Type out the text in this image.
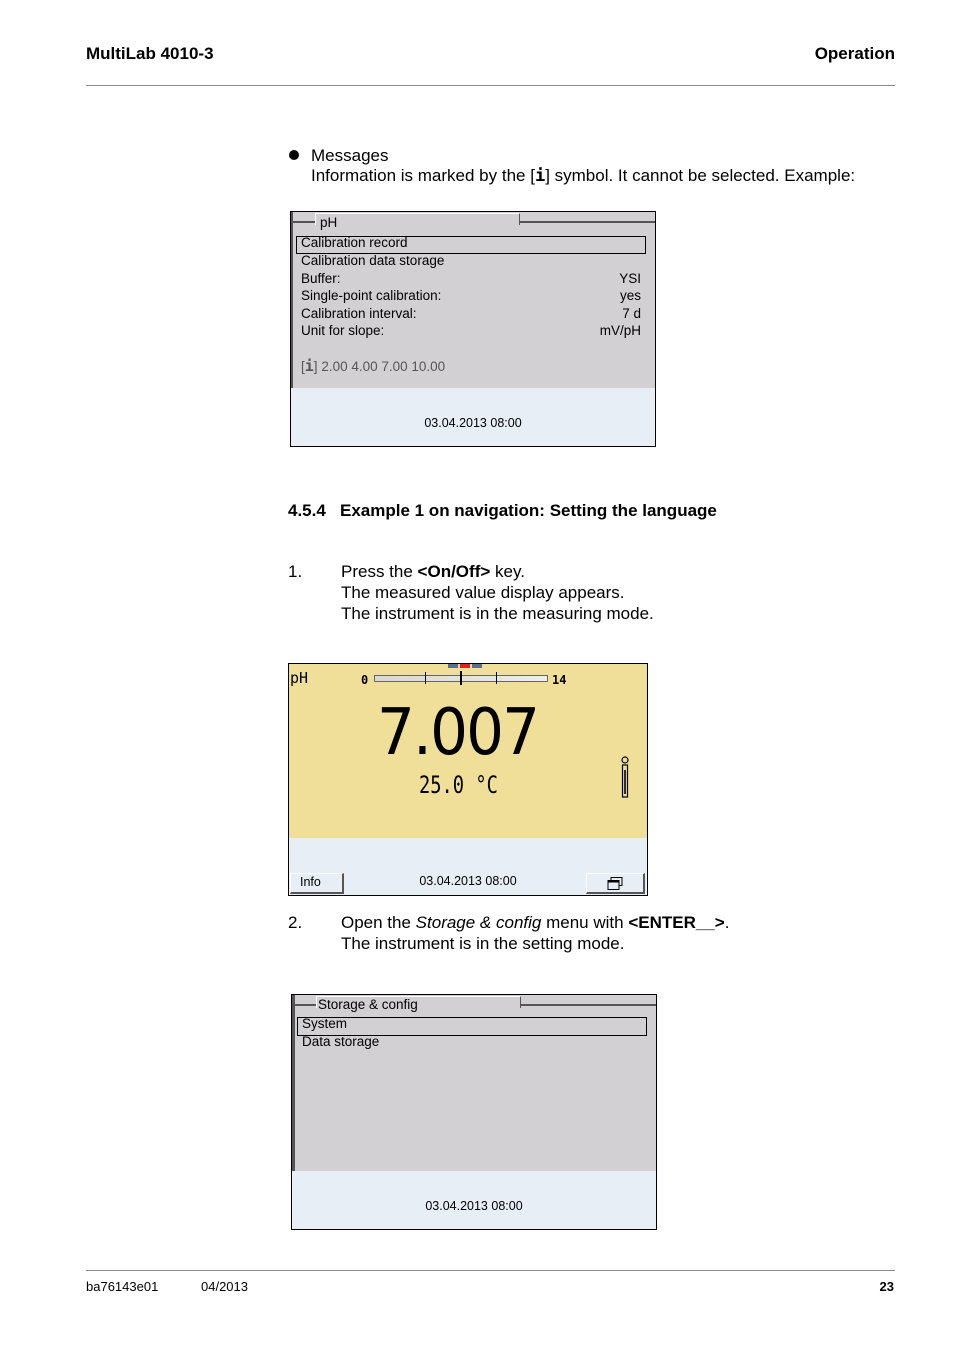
MultiLab 4010-3	Operation
Messages
Information is marked by the [i] symbol. It cannot be selected. Example:
pH
Calibration record
Calibration data storage
Buffer:	YSI
Single-point calibration:	yes
Calibration interval:	7 d
Unit for slope:	mV/pH
[i] 2.00 4.00 7.00 10.00
03.04.2013 08:00
4.5.4 Example 1 on navigation: Setting the language
1. Press the <On/Off> key.
The measured value display appears.
The instrument is in the measuring mode.
pH	0	14
7.007
25.0 °C
Info	03.04.2013 08:00
2. Open the Storage & config menu with <ENTER__>.
The instrument is in the setting mode.
Storage & config
System
Data storage
03.04.2013 08:00
ba76143e01	04/2013	23
